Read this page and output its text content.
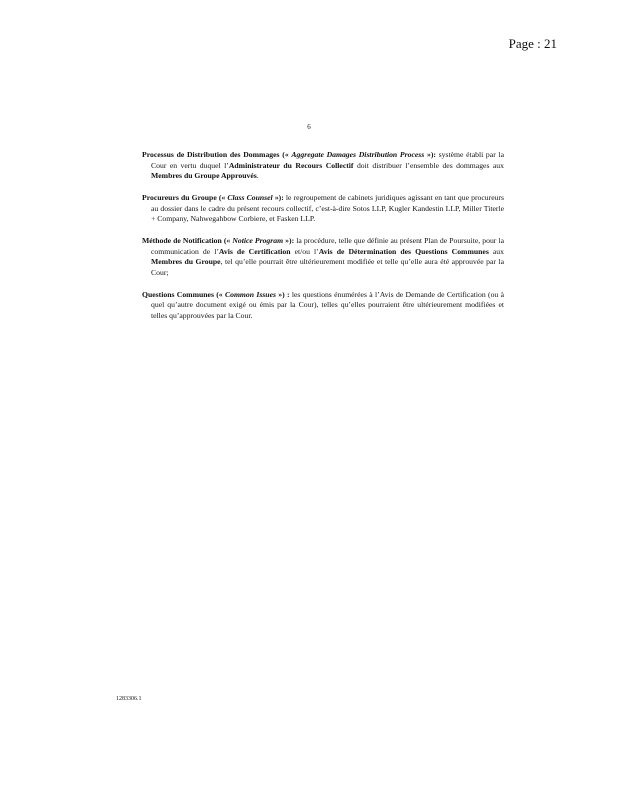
Page : 21
6

Processus de Distribution des Dommages (« Aggregate Damages Distribution Process »): système établi par la Cour en vertu duquel l’Administrateur du Recours Collectif doit distribuer l’ensemble des dommages aux Membres du Groupe Approuvés.

Procureurs du Groupe (« Class Counsel »): le regroupement de cabinets juridiques agissant en tant que procureurs au dossier dans le cadre du présent recours collectif, c’est-à-dire Sotos LLP, Kugler Kandestin LLP, Miller Titerle + Company, Nahwegahbow Corbiere, et Fasken LLP.

Méthode de Notification (« Notice Program »): la procédure, telle que définie au présent Plan de Poursuite, pour la communication de l’Avis de Certification et/ou l’Avis de Détermination des Questions Communes aux Membres du Groupe, tel qu’elle pourrait être ultérieurement modifiée et telle qu’elle aura été approuvée par la Cour;

Questions Communes (« Common Issues ») : les questions énumérées à l’Avis de Demande de Certification (ou à quel qu’autre document exigé ou émis par la Cour), telles qu’elles pourraient être ultérieurement modifiées et telles qu’approuvées par la Cour.

1283306.1
